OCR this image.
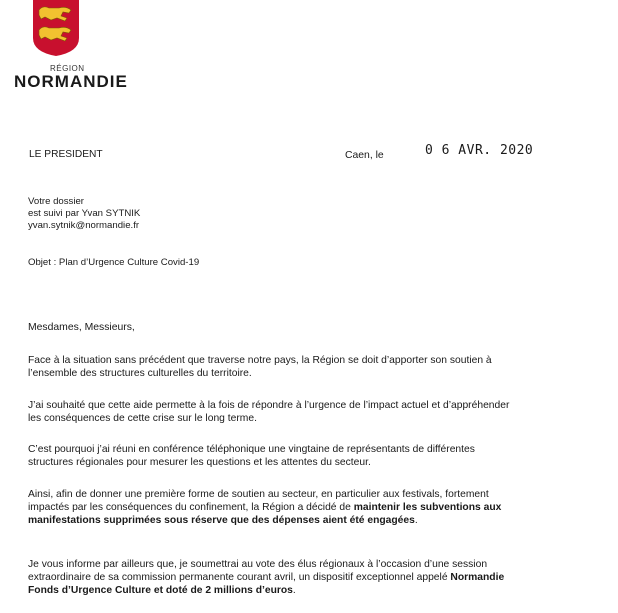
RÉGION
NORMANDIE
LE PRESIDENT	Caen, le	0 6 AVR. 2020
Votre dossier
est suivi par Yvan SYTNIK
yvan.sytnik@normandie.fr
Objet : Plan d’Urgence Culture Covid-19
Mesdames, Messieurs,
Face à la situation sans précédent que traverse notre pays, la Région se doit d’apporter son soutien à
l’ensemble des structures culturelles du territoire.
J’ai souhaité que cette aide permette à la fois de répondre à l’urgence de l’impact actuel et d’appréhender
les conséquences de cette crise sur le long terme.
C’est pourquoi j’ai réuni en conférence téléphonique une vingtaine de représentants de différentes
structures régionales pour mesurer les questions et les attentes du secteur.
Ainsi, afin de donner une première forme de soutien au secteur, en particulier aux festivals, fortement
impactés par les conséquences du confinement, la Région a décidé de maintenir les subventions aux
manifestations supprimées sous réserve que des dépenses aient été engagées.
Je vous informe par ailleurs que, je soumettrai au vote des élus régionaux à l’occasion d’une session
extraordinaire de sa commission permanente courant avril, un dispositif exceptionnel appelé Normandie
Fonds d’Urgence Culture et doté de 2 millions d’euros.
